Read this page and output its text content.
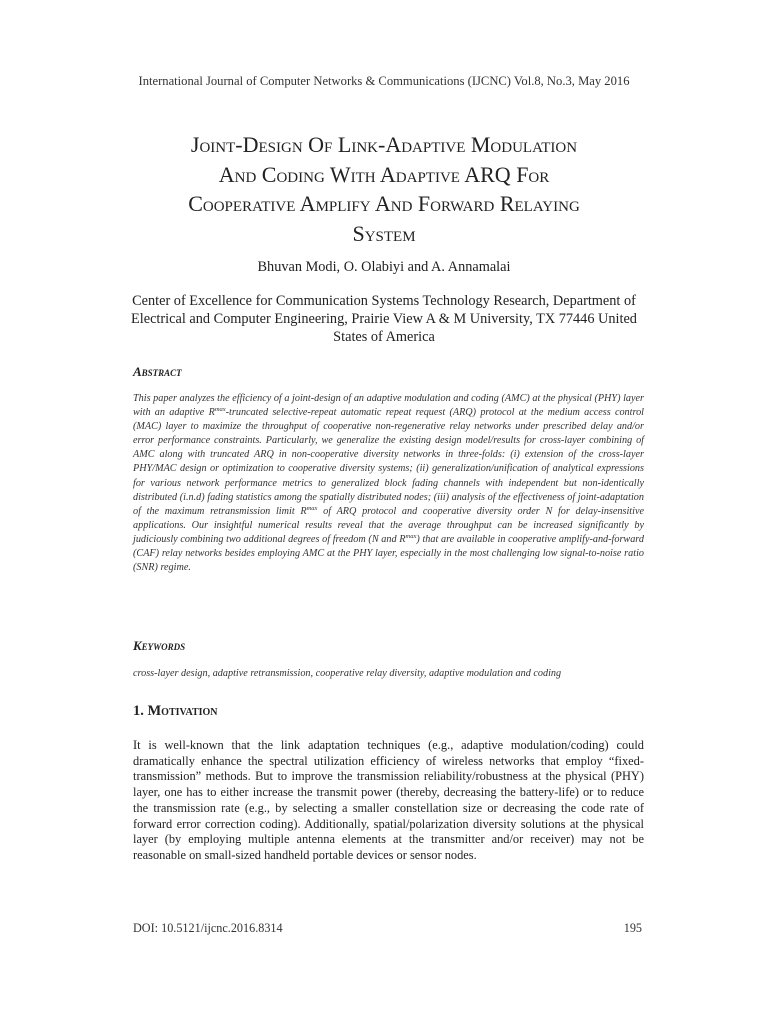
International Journal of Computer Networks & Communications (IJCNC) Vol.8, No.3, May 2016
Joint-Design Of Link-Adaptive Modulation
And Coding With Adaptive ARQ For
Cooperative Amplify And Forward Relaying
System
Bhuvan Modi, O. Olabiyi and A. Annamalai
Center of Excellence for Communication Systems Technology Research, Department of Electrical and Computer Engineering, Prairie View A & M University, TX 77446 United States of America
Abstract

This paper analyzes the efficiency of a joint-design of an adaptive modulation and coding (AMC) at the physical (PHY) layer with an adaptive $R^{max}$-truncated selective-repeat automatic repeat request (ARQ) protocol at the medium access control (MAC) layer to maximize the throughput of cooperative non-regenerative relay networks under prescribed delay and/or error performance constraints. Particularly, we generalize the existing design model/results for cross-layer combining of AMC along with truncated ARQ in non-cooperative diversity networks in three-folds: (i) extension of the cross-layer PHY/MAC design or optimization to cooperative diversity systems; (ii) generalization/unification of analytical expressions for various network performance metrics to generalized block fading channels with independent but non-identically distributed (i.n.d) fading statistics among the spatially distributed nodes; (iii) analysis of the effectiveness of joint-adaptation of the maximum retransmission limit $R^{max}$ of ARQ protocol and cooperative diversity order N for delay-insensitive applications. Our insightful numerical results reveal that the average throughput can be increased significantly by judiciously combining two additional degrees of freedom (N and $R^{max}$) that are available in cooperative amplify-and-forward (CAF) relay networks besides employing AMC at the PHY layer, especially in the most challenging low signal-to-noise ratio (SNR) regime.

Keywords

cross-layer design, adaptive retransmission, cooperative relay diversity, adaptive modulation and coding

1. Motivation

It is well-known that the link adaptation techniques (e.g., adaptive modulation/coding) could dramatically enhance the spectral utilization efficiency of wireless networks that employ “fixed-transmission” methods. But to improve the transmission reliability/robustness at the physical (PHY) layer, one has to either increase the transmit power (thereby, decreasing the battery-life) or to reduce the transmission rate (e.g., by selecting a smaller constellation size or decreasing the code rate of forward error correction coding). Additionally, spatial/polarization diversity solutions at the physical layer (by employing multiple antenna elements at the transmitter and/or receiver) may not be reasonable on small-sized handheld portable devices or sensor nodes.

DOI: 10.5121/ijcnc.2016.8314	195
